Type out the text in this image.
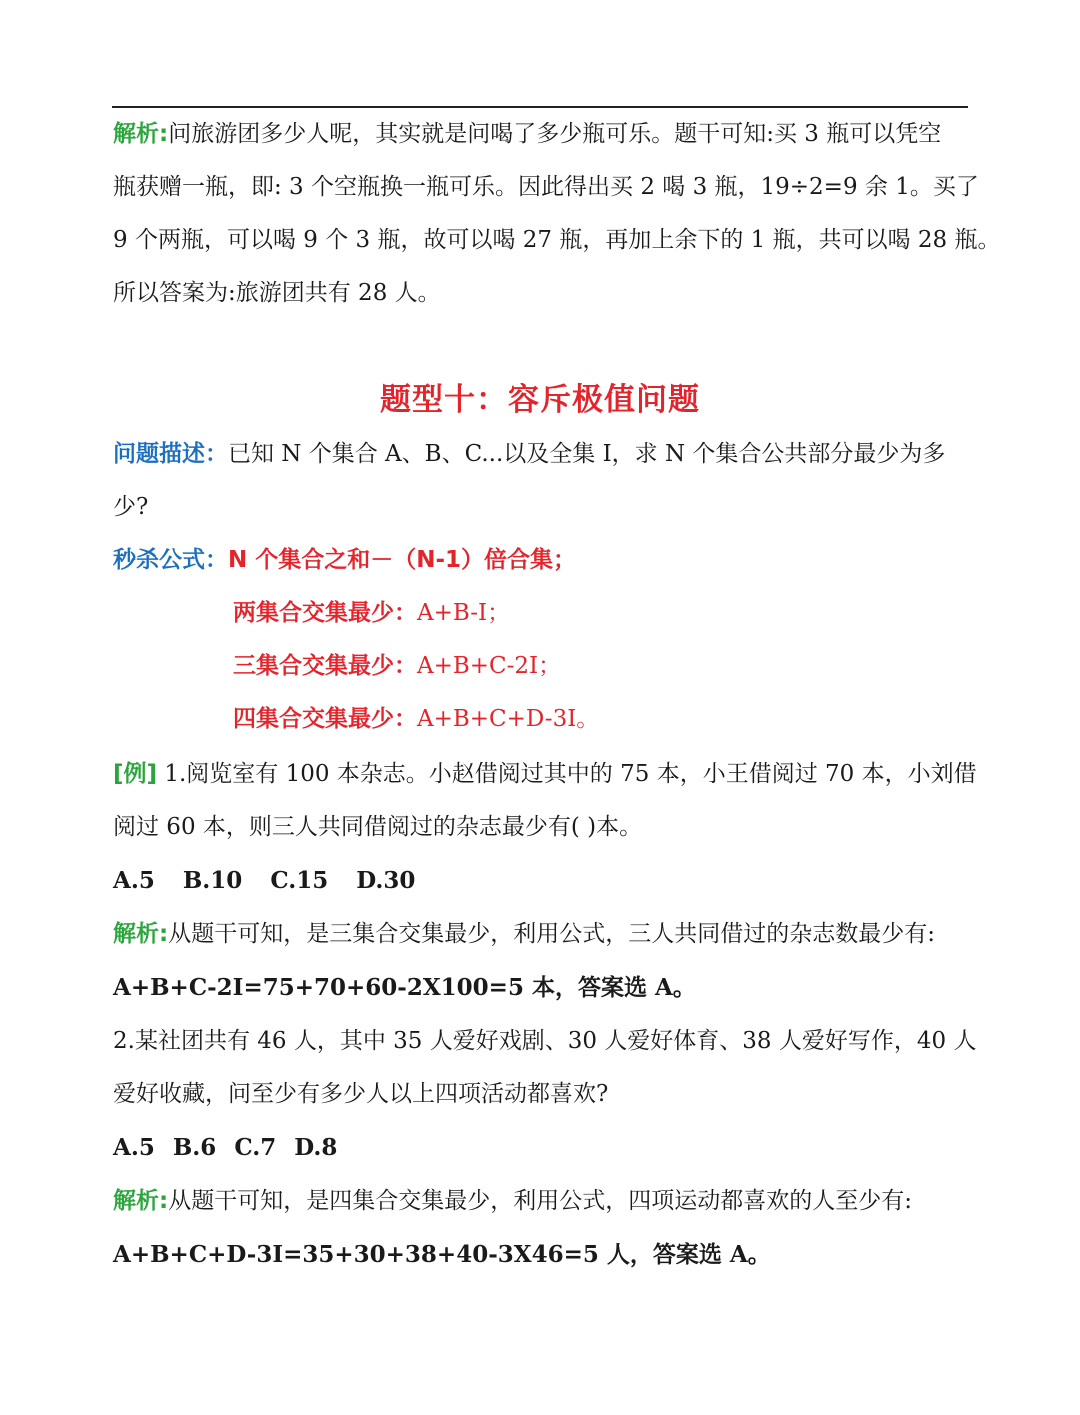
解析:问旅游团多少人呢，其实就是问喝了多少瓶可乐。题干可知:买 3 瓶可以凭空
瓶获赠一瓶，即: 3 个空瓶换一瓶可乐。因此得出买 2 喝 3 瓶，19÷2=9 余 1。买了
9 个两瓶，可以喝 9 个 3 瓶，故可以喝 27 瓶，再加上余下的 1 瓶，共可以喝 28 瓶。
所以答案为:旅游团共有 28 人。
题型十：容斥极值问题
问题描述：已知 N 个集合 A、B、C...以及全集 I，求 N 个集合公共部分最少为多
少?
秒杀公式：N 个集合之和－（N-1）倍合集；
两集合交集最少：A+B-I；
三集合交集最少：A+B+C-2I；
四集合交集最少：A+B+C+D-3I。
[例] 1.阅览室有 100 本杂志。小赵借阅过其中的 75 本，小王借阅过 70 本，小刘借
阅过 60 本，则三人共同借阅过的杂志最少有( )本。
A.5 B.10 C.15 D.30
解析:从题干可知，是三集合交集最少，利用公式，三人共同借过的杂志数最少有:
A+B+C-2I=75+70+60-2X100=5 本，答案选 A。
2.某社团共有 46 人，其中 35 人爱好戏剧、30 人爱好体育、38 人爱好写作，40 人
爱好收藏，问至少有多少人以上四项活动都喜欢?
A.5 B.6 C.7 D.8
解析:从题干可知，是四集合交集最少，利用公式，四项运动都喜欢的人至少有:
A+B+C+D-3I=35+30+38+40-3X46=5 人，答案选 A。
